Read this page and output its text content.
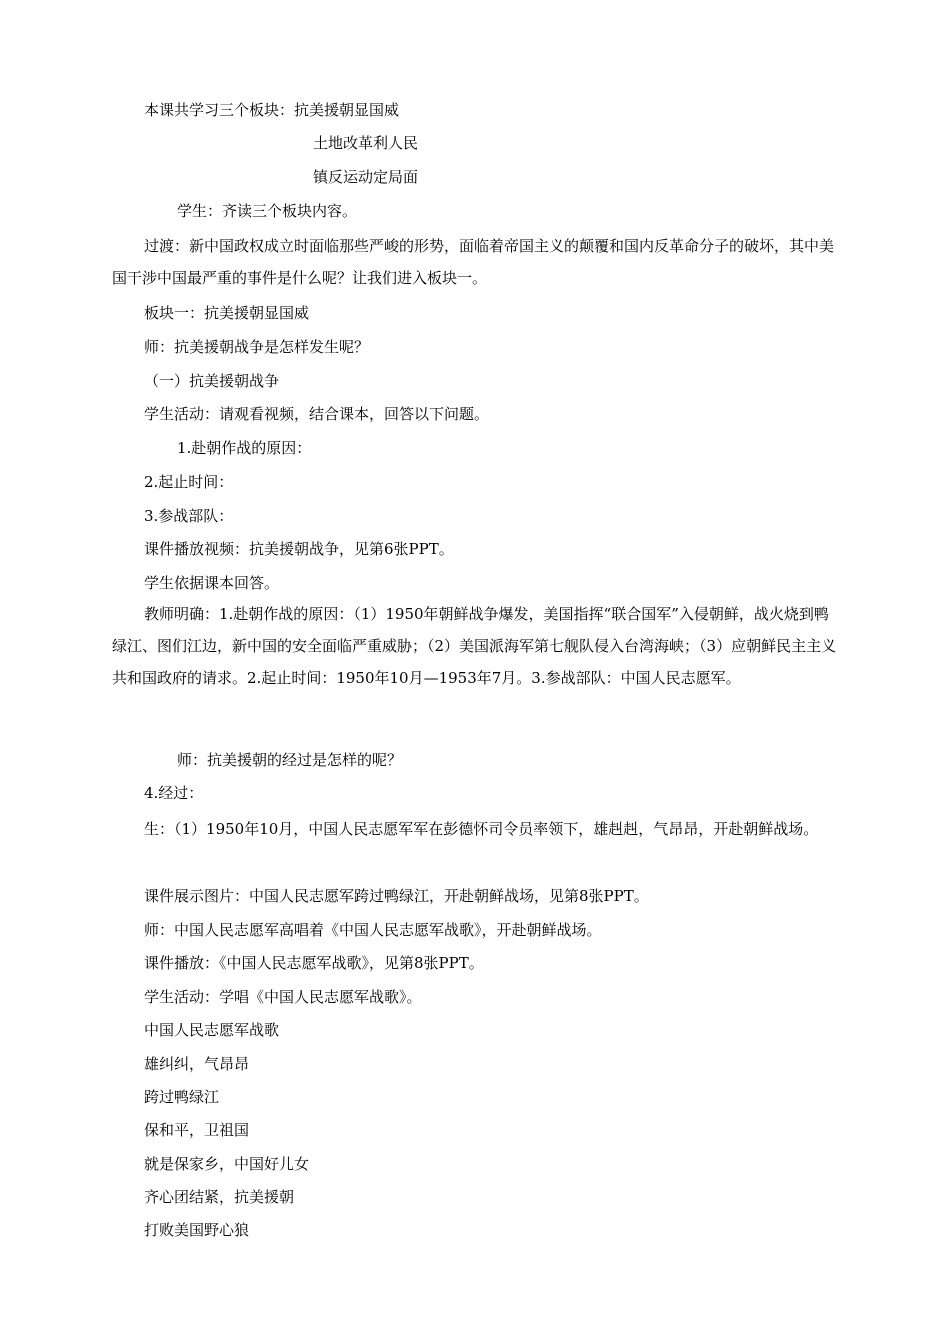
本课共学习三个板块：抗美援朝显国威
土地改革利人民
镇反运动定局面
学生：齐读三个板块内容。
过渡：新中国政权成立时面临那些严峻的形势，面临着帝国主义的颠覆和国内反革命分子的破坏，其中美国干涉中国最严重的事件是什么呢？让我们进入板块一。
板块一：抗美援朝显国威
师：抗美援朝战争是怎样发生呢？
（一）抗美援朝战争
学生活动：请观看视频，结合课本，回答以下问题。
1.赴朝作战的原因：
2.起止时间：
3.参战部队：
课件播放视频：抗美援朝战争，见第6张PPT。
学生依据课本回答。
教师明确：1.赴朝作战的原因：（1）1950年朝鲜战争爆发，美国指挥“联合国军”入侵朝鲜，战火烧到鸭绿江、图们江边，新中国的安全面临严重威胁；（2）美国派海军第七舰队侵入台湾海峡；（3）应朝鲜民主主义共和国政府的请求。2.起止时间：1950年10月—1953年7月。3.参战部队：中国人民志愿军。
师：抗美援朝的经过是怎样的呢？
4.经过：
生：（1）1950年10月，中国人民志愿军军在彭德怀司令员率领下，雄赳赳，气昂昂，开赴朝鲜战场。
课件展示图片：中国人民志愿军跨过鸭绿江，开赴朝鲜战场，见第8张PPT。
师：中国人民志愿军高唱着《中国人民志愿军战歌》，开赴朝鲜战场。
课件播放：《中国人民志愿军战歌》，见第8张PPT。
学生活动：学唱《中国人民志愿军战歌》。
中国人民志愿军战歌
雄纠纠，气昂昂
跨过鸭绿江
保和平，卫祖国
就是保家乡，中国好儿女
齐心团结紧，抗美援朝
打败美国野心狼
